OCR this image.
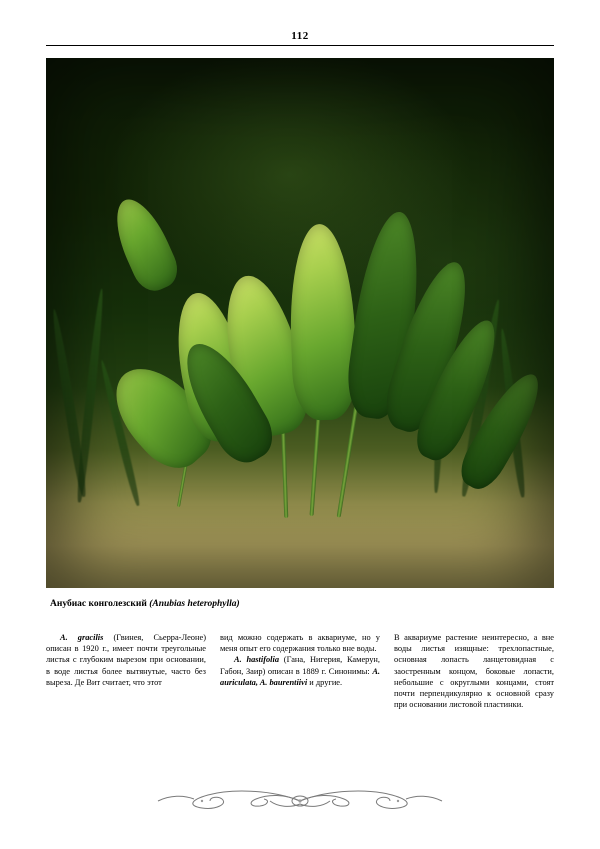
112
Анубиас конголезский (Anubias heterophylla)

A. gracilis (Гвинея, Сьерра-Леоне) описан в 1920 г., имеет почти треугольные листья с глубоким вырезом при основании, в воде листья более вытянутые, часто без выреза. Де Вит считает, что этот

вид можно содержать в аквариуме, но у меня опыт его содержания только вне воды.

A. hastifolia (Гана, Нигерия, Камерун, Габон, Заир) описан в 1889 г. Синонимы: A. auriculata, A. baurentiivi и другие.

В аквариуме растение неинтересно, а вне воды листья изящные: трехлопастные, основная лопасть ланцетовидная с заостренным концом, боковые лопасти, небольшие с округлыми концами, стоят почти перпендикулярно к основной сразу при основании листовой пластинки.
